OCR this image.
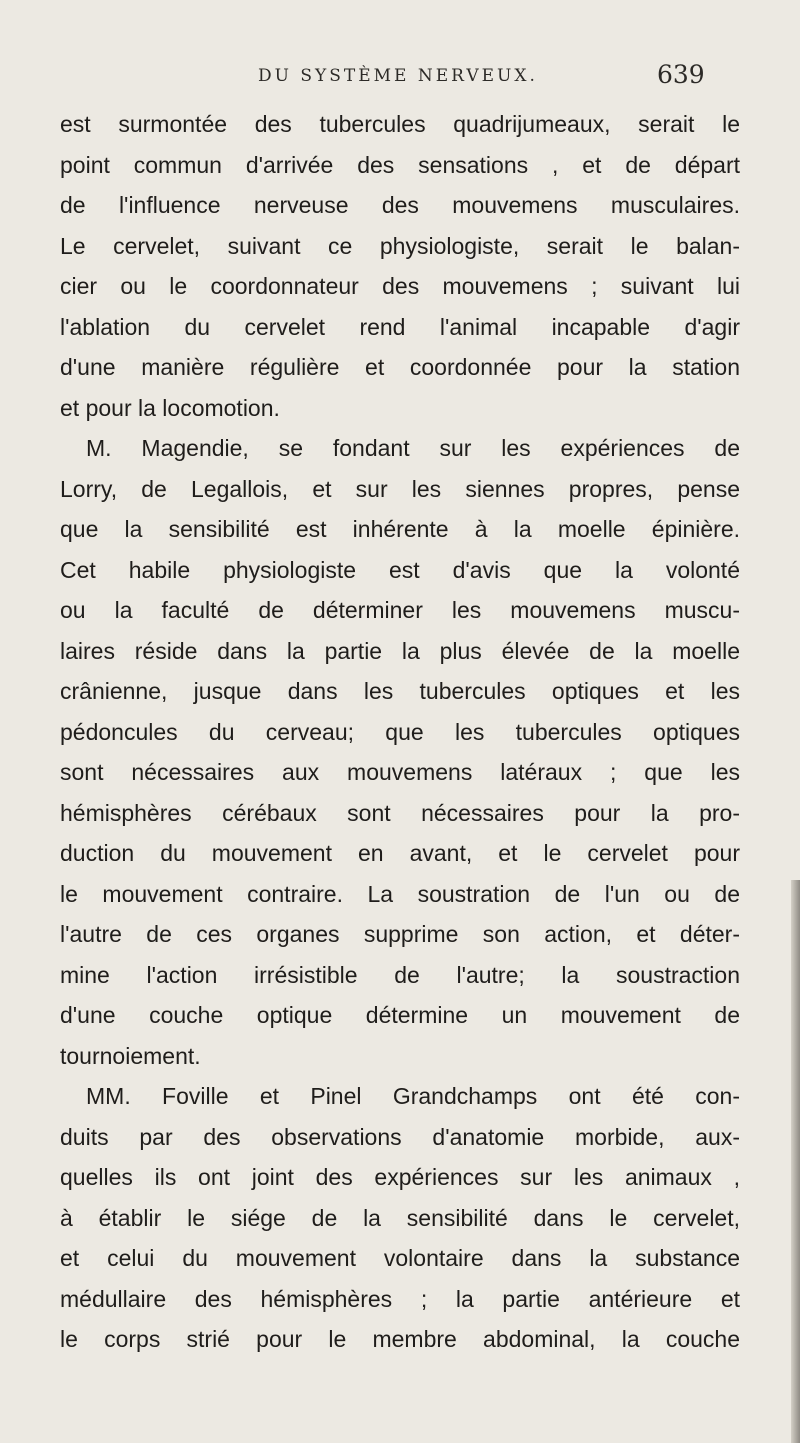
DU SYSTÈME NERVEUX.	639
est surmontée des tubercules quadrijumeaux, serait le
point commun d'arrivée des sensations , et de départ
de l'influence nerveuse des mouvemens musculaires.
Le cervelet, suivant ce physiologiste, serait le balan-
cier ou le coordonnateur des mouvemens ; suivant lui
l'ablation du cervelet rend l'animal incapable d'agir
d'une manière régulière et coordonnée pour la station
et pour la locomotion.
M. Magendie, se fondant sur les expériences de
Lorry, de Legallois, et sur les siennes propres, pense
que la sensibilité est inhérente à la moelle épinière.
Cet habile physiologiste est d'avis que la volonté
ou la faculté de déterminer les mouvemens muscu-
laires réside dans la partie la plus élevée de la moelle
crânienne, jusque dans les tubercules optiques et les
pédoncules du cerveau; que les tubercules optiques
sont nécessaires aux mouvemens latéraux ; que les
hémisphères cérébaux sont nécessaires pour la pro-
duction du mouvement en avant, et le cervelet pour
le mouvement contraire. La soustration de l'un ou de
l'autre de ces organes supprime son action, et déter-
mine l'action irrésistible de l'autre; la soustraction
d'une couche optique détermine un mouvement de
tournoiement.
MM. Foville et Pinel Grandchamps ont été con-
duits par des observations d'anatomie morbide, aux-
quelles ils ont joint des expériences sur les animaux ,
à établir le siége de la sensibilité dans le cervelet,
et celui du mouvement volontaire dans la substance
médullaire des hémisphères ; la partie antérieure et
le corps strié pour le membre abdominal, la couche
